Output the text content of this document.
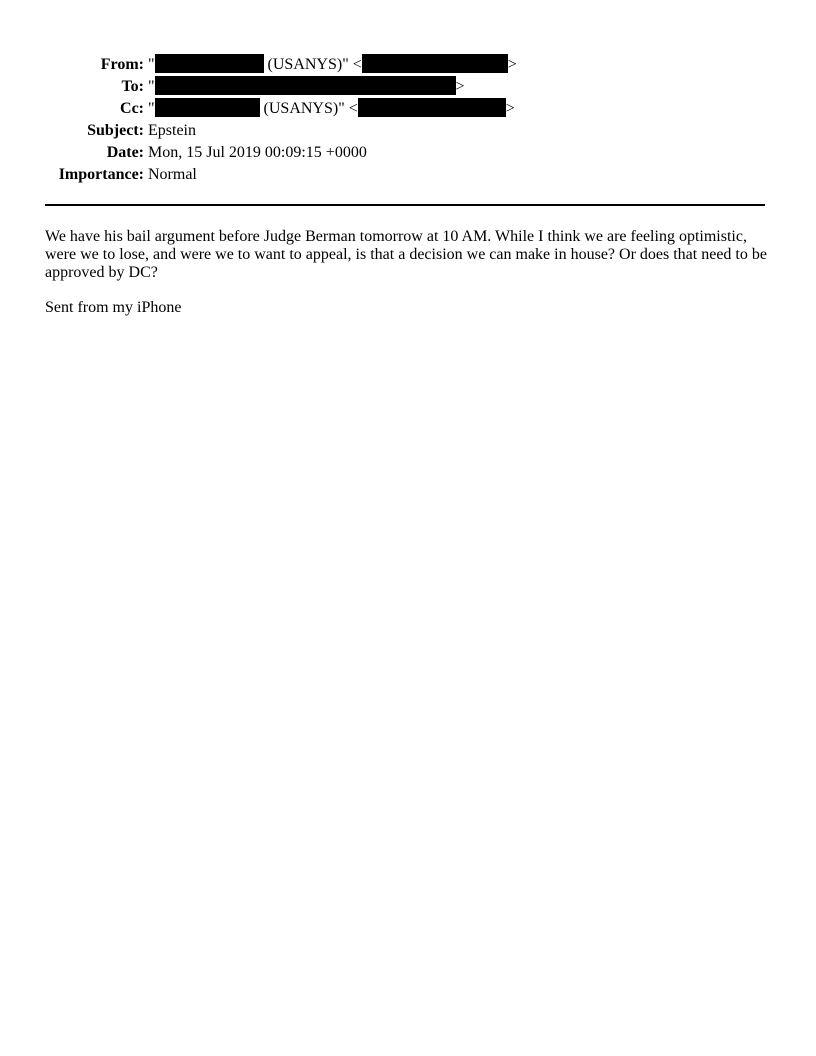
From:	" (USANYS)" < >
To:	" >
Cc:	" (USANYS)" < >
Subject:	Epstein
Date:	Mon, 15 Jul 2019 00:09:15 +0000
Importance:	Normal

We have his bail argument before Judge Berman tomorrow at 10 AM. While I think we are feeling optimistic, were we to lose, and were we to want to appeal, is that a decision we can make in house? Or does that need to be approved by DC?

Sent from my iPhone
